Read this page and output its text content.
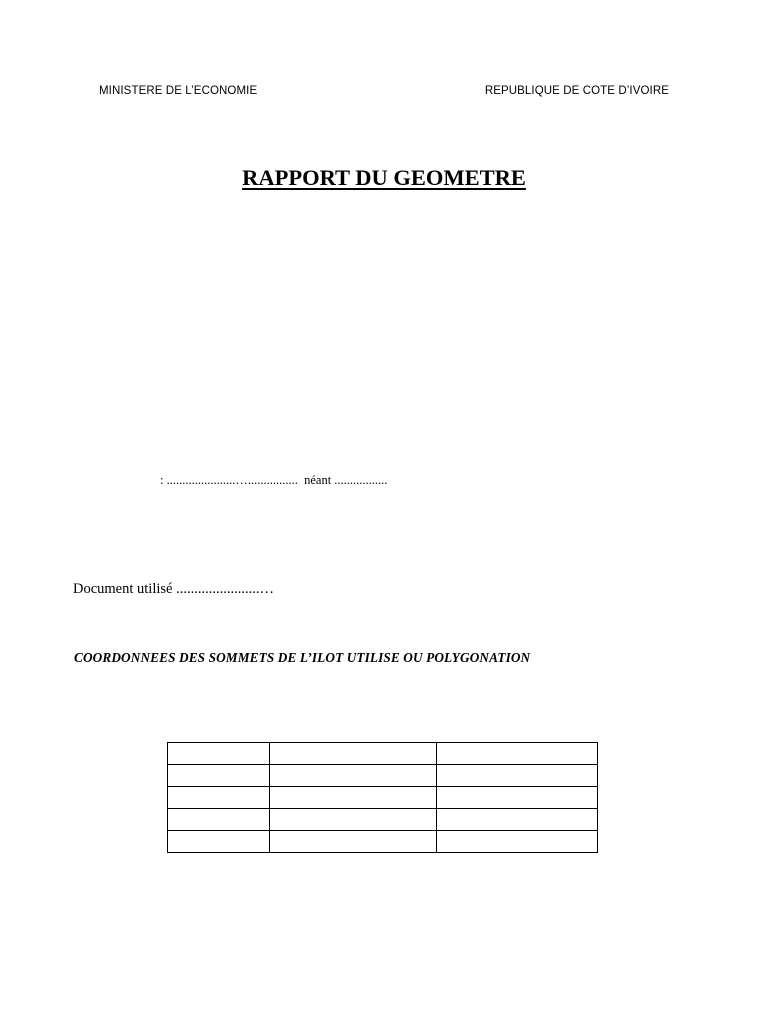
MINISTERE DE L’ECONOMIE	REPUBLIQUE DE COTE D’IVOIRE
RAPPORT DU GEOMETRE
: ......................…................  néant .................
Document utilisé .......................…
COORDONNEES DES SOMMETS DE L’ILOT UTILISE OU POLYGONATION
